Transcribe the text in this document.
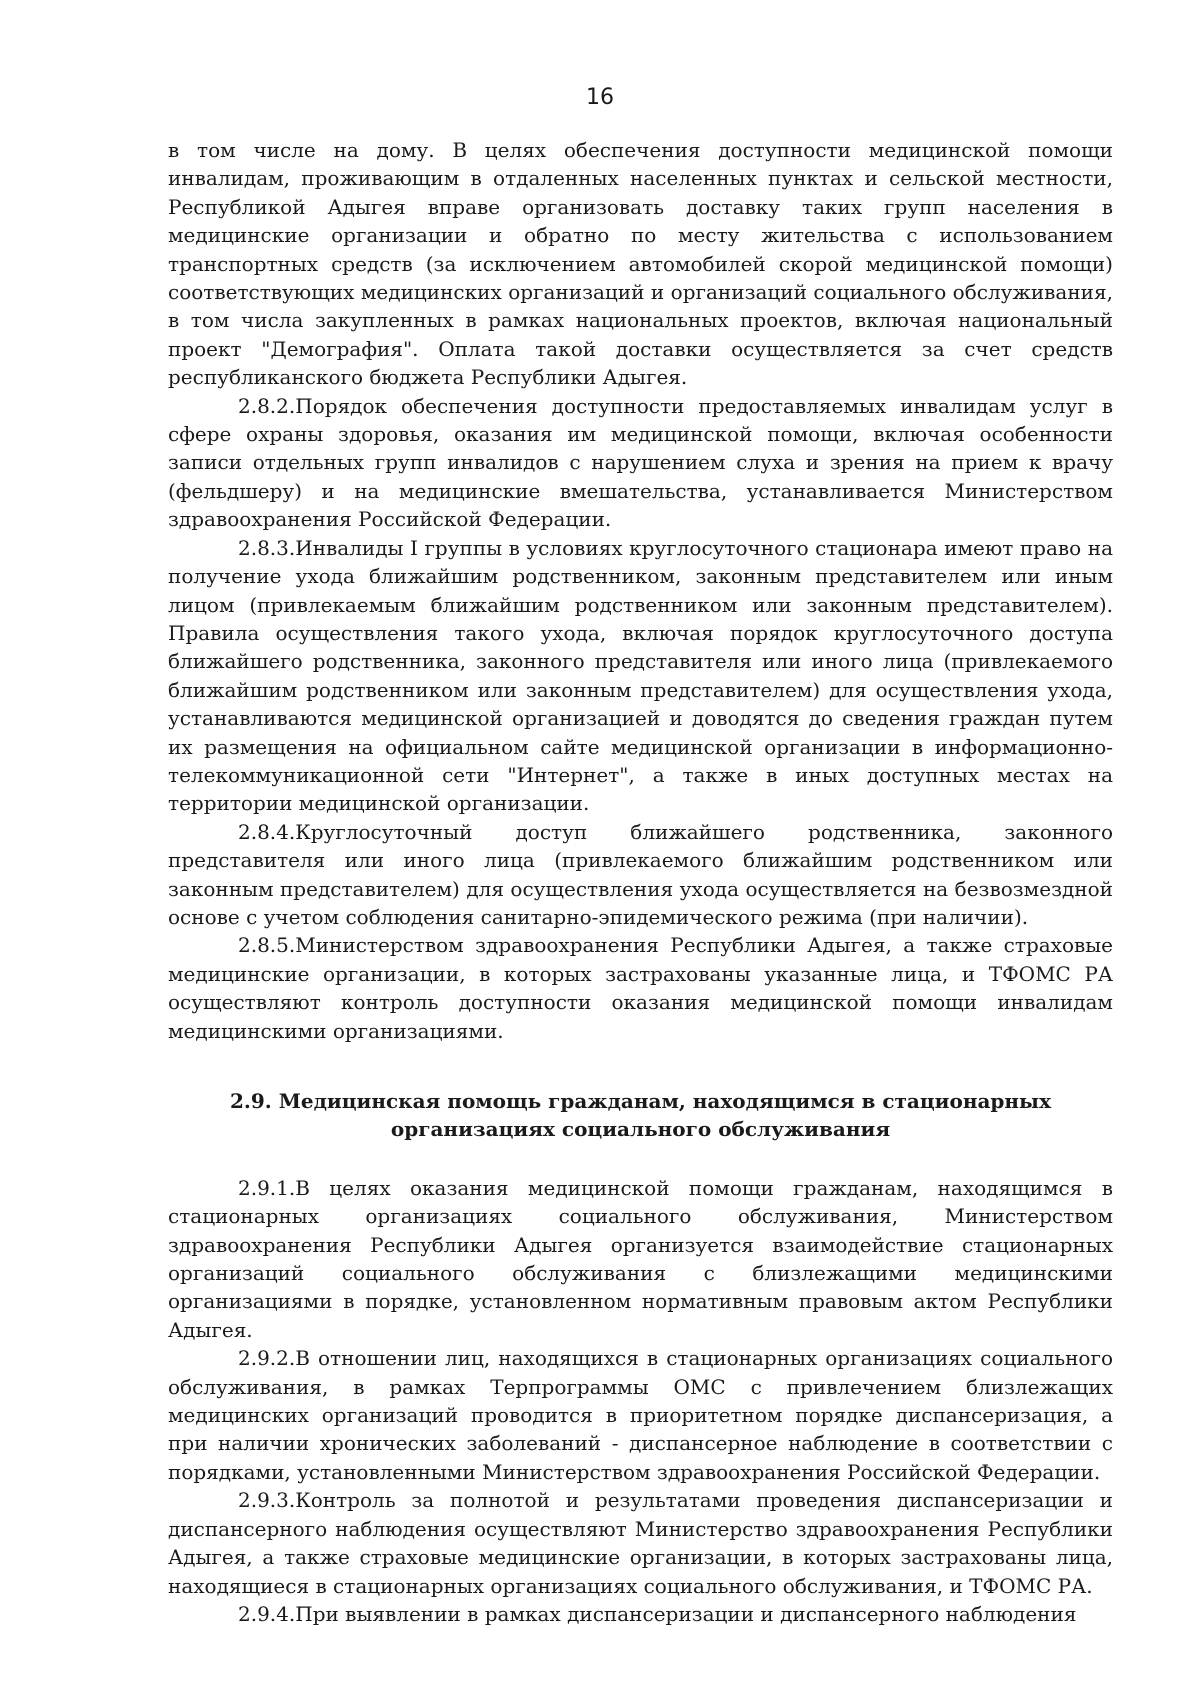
16

в том числе на дому. В целях обеспечения доступности медицинской помощи инвалидам, проживающим в отдаленных населенных пунктах и сельской местности, Республикой Адыгея вправе организовать доставку таких групп населения в медицинские организации и обратно по месту жительства с использованием транспортных средств (за исключением автомобилей скорой медицинской помощи) соответствующих медицинских организаций и организаций социального обслуживания, в том числа закупленных в рамках национальных проектов, включая национальный проект "Демография". Оплата такой доставки осуществляется за счет средств республиканского бюджета Республики Адыгея.

2.8.2.Порядок обеспечения доступности предоставляемых инвалидам услуг в сфере охраны здоровья, оказания им медицинской помощи, включая особенности записи отдельных групп инвалидов с нарушением слуха и зрения на прием к врачу (фельдшеру) и на медицинские вмешательства, устанавливается Министерством здравоохранения Российской Федерации.

2.8.3.Инвалиды I группы в условиях круглосуточного стационара имеют право на получение ухода ближайшим родственником, законным представителем или иным лицом (привлекаемым ближайшим родственником или законным представителем). Правила осуществления такого ухода, включая порядок круглосуточного доступа ближайшего родственника, законного представителя или иного лица (привлекаемого ближайшим родственником или законным представителем) для осуществления ухода, устанавливаются медицинской организацией и доводятся до сведения граждан путем их размещения на официальном сайте медицинской организации в информационно-телекоммуникационной сети "Интернет", а также в иных доступных местах на территории медицинской организации.

2.8.4.Круглосуточный доступ ближайшего родственника, законного представителя или иного лица (привлекаемого ближайшим родственником или законным представителем) для осуществления ухода осуществляется на безвозмездной основе с учетом соблюдения санитарно-эпидемического режима (при наличии).

2.8.5.Министерством здравоохранения Республики Адыгея, а также страховые медицинские организации, в которых застрахованы указанные лица, и ТФОМС РА осуществляют контроль доступности оказания медицинской помощи инвалидам медицинскими организациями.

2.9. Медицинская помощь гражданам, находящимся в стационарных
организациях социального обслуживания

2.9.1.В целях оказания медицинской помощи гражданам, находящимся в стационарных организациях социального обслуживания, Министерством здравоохранения Республики Адыгея организуется взаимодействие стационарных организаций социального обслуживания с близлежащими медицинскими организациями в порядке, установленном нормативным правовым актом Республики Адыгея.

2.9.2.В отношении лиц, находящихся в стационарных организациях социального обслуживания, в рамках Терпрограммы ОМС с привлечением близлежащих медицинских организаций проводится в приоритетном порядке диспансеризация, а при наличии хронических заболеваний - диспансерное наблюдение в соответствии с порядками, установленными Министерством здравоохранения Российской Федерации.

2.9.3.Контроль за полнотой и результатами проведения диспансеризации и диспансерного наблюдения осуществляют Министерство здравоохранения Республики Адыгея, а также страховые медицинские организации, в которых застрахованы лица, находящиеся в стационарных организациях социального обслуживания, и ТФОМС РА.

2.9.4.При выявлении в рамках диспансеризации и диспансерного наблюдения
